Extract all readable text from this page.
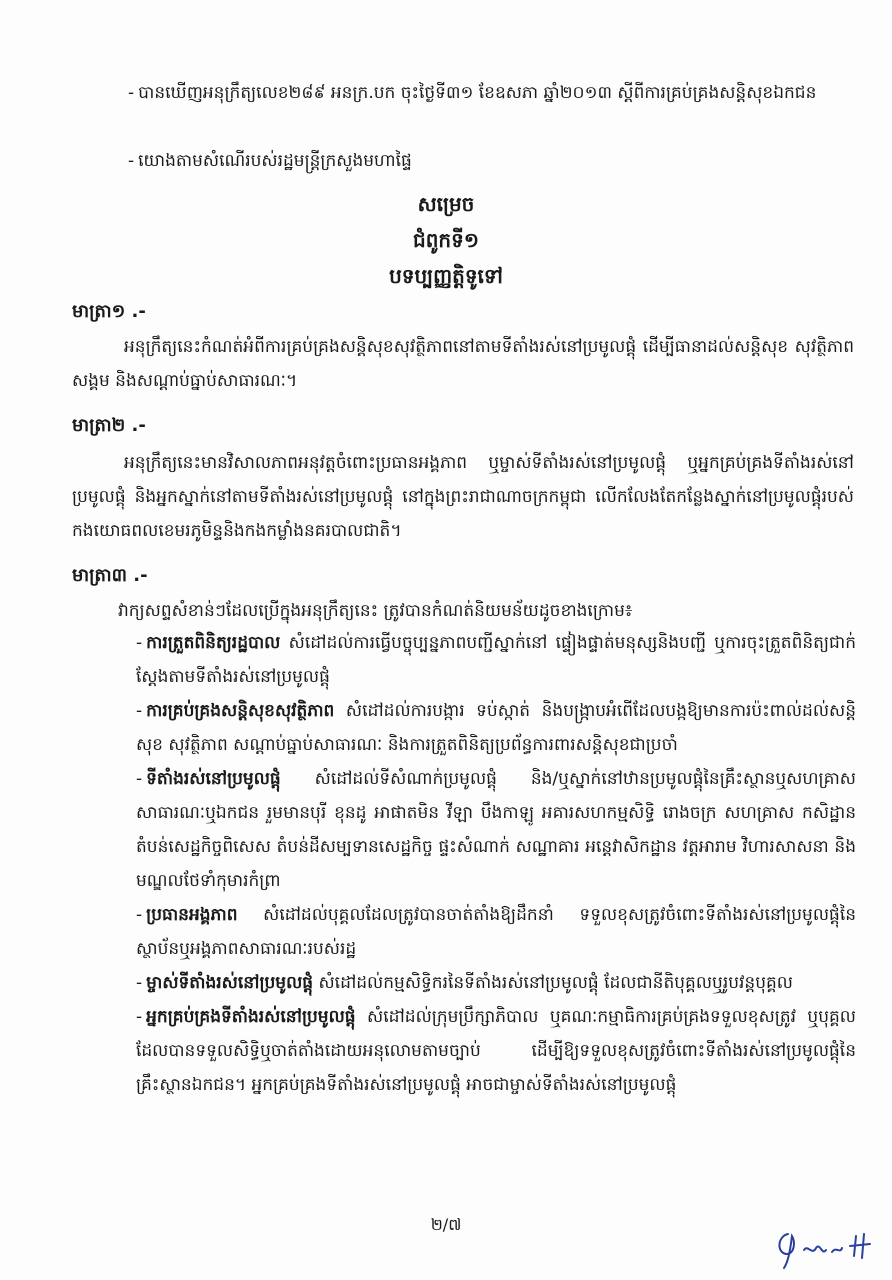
- បានឃើញអនុក្រឹត្យលេខ២៨៩ អនក្រ.បក ចុះថ្ងៃទី៣១ ខែឧសភា ឆ្នាំ២០១៣ ស្តីពីការគ្រប់គ្រងសន្តិសុខឯកជន
- យោងតាមសំណើរបស់រដ្ឋមន្ត្រីក្រសួងមហាផ្ទៃ
សម្រេច
ជំពូកទី១
បទប្បញ្ញត្តិទូទៅ
មាត្រា១ .-
អនុក្រឹត្យនេះកំណត់អំពីការគ្រប់គ្រងសន្តិសុខសុវត្ថិភាពនៅតាមទីតាំងរស់នៅប្រមូលផ្តុំ ដើម្បីធានាដល់សន្តិសុខ សុវត្ថិភាពសង្គម និងសណ្តាប់ធ្នាប់សាធារណៈ។
មាត្រា២ .-
អនុក្រឹត្យនេះមានវិសាលភាពអនុវត្តចំពោះប្រធានអង្គភាព ឬម្ចាស់ទីតាំងរស់នៅប្រមូលផ្តុំ ឬអ្នកគ្រប់គ្រងទីតាំងរស់នៅប្រមូលផ្តុំ និងអ្នកស្នាក់នៅតាមទីតាំងរស់នៅប្រមូលផ្តុំ នៅក្នុងព្រះរាជាណាចក្រកម្ពុជា លើកលែងតែកន្លែងស្នាក់នៅប្រមូលផ្តុំរបស់កងយោធពលខេមរភូមិន្ទនិងកងកម្លាំងនគរបាលជាតិ។
មាត្រា៣ .-
វាក្យសព្ទសំខាន់ៗដែលប្រើក្នុងអនុក្រឹត្យនេះ ត្រូវបានកំណត់និយមន័យដូចខាងក្រោម៖

- ការត្រួតពិនិត្យរដ្ឋបាល សំដៅដល់ការធ្វើបច្ចុប្បន្នភាពបញ្ជីស្នាក់នៅ ផ្ទៀងផ្ទាត់មនុស្សនិងបញ្ជី ឬការចុះត្រួតពិនិត្យជាក់ស្តែងតាមទីតាំងរស់នៅប្រមូលផ្តុំ

- ការគ្រប់គ្រងសន្តិសុខសុវត្ថិភាព សំដៅដល់ការបង្ការ ទប់ស្កាត់ និងបង្ក្រាបអំពើដែលបង្កឱ្យមានការប៉ះពាល់ដល់សន្តិសុខ សុវត្ថិភាព សណ្តាប់ធ្នាប់សាធារណៈ និងការត្រួតពិនិត្យប្រព័ន្ធការពារសន្តិសុខជាប្រចាំ

- ទីតាំងរស់នៅប្រមូលផ្តុំ សំដៅដល់ទីសំណាក់ប្រមូលផ្តុំ និង/ឬស្នាក់នៅឋានប្រមូលផ្តុំនៃគ្រឹះស្ថានឬសហគ្រាសសាធារណៈឬឯកជន រួមមានបុរី ខុនដូ អាផាតមិន វីឡា បឹងកាឡូ អគារសហកម្មសិទ្ធិ រោងចក្រ សហគ្រាស កសិដ្ឋាន តំបន់សេដ្ឋកិច្ចពិសេស តំបន់ដីសម្បទានសេដ្ឋកិច្ច ផ្ទះសំណាក់ សណ្ឋាគារ អន្តេវាសិកដ្ឋាន វត្តអារាម វិហារសាសនា និងមណ្ឌលថែទាំកុមារកំព្រា

- ប្រធានអង្គភាព សំដៅដល់បុគ្គលដែលត្រូវបានចាត់តាំងឱ្យដឹកនាំ ទទួលខុសត្រូវចំពោះទីតាំងរស់នៅប្រមូលផ្តុំនៃស្ថាប័នឬអង្គភាពសាធារណៈរបស់រដ្ឋ

- ម្ចាស់ទីតាំងរស់នៅប្រមូលផ្តុំ សំដៅដល់កម្មសិទ្ធិករនៃទីតាំងរស់នៅប្រមូលផ្តុំ ដែលជានីតិបុគ្គលឬរូបវន្តបុគ្គល

- អ្នកគ្រប់គ្រងទីតាំងរស់នៅប្រមូលផ្តុំ សំដៅដល់ក្រុមប្រឹក្សាភិបាល ឬគណៈកម្មាធិការគ្រប់គ្រងទទួលខុសត្រូវ ឬបុគ្គលដែលបានទទួលសិទ្ធិឬចាត់តាំងដោយអនុលោមតាមច្បាប់ ដើម្បីឱ្យទទួលខុសត្រូវចំពោះទីតាំងរស់នៅប្រមូលផ្តុំនៃគ្រឹះស្ថានឯកជន។ អ្នកគ្រប់គ្រងទីតាំងរស់នៅប្រមូលផ្តុំ អាចជាម្ចាស់ទីតាំងរស់នៅប្រមូលផ្តុំ

២/៧
